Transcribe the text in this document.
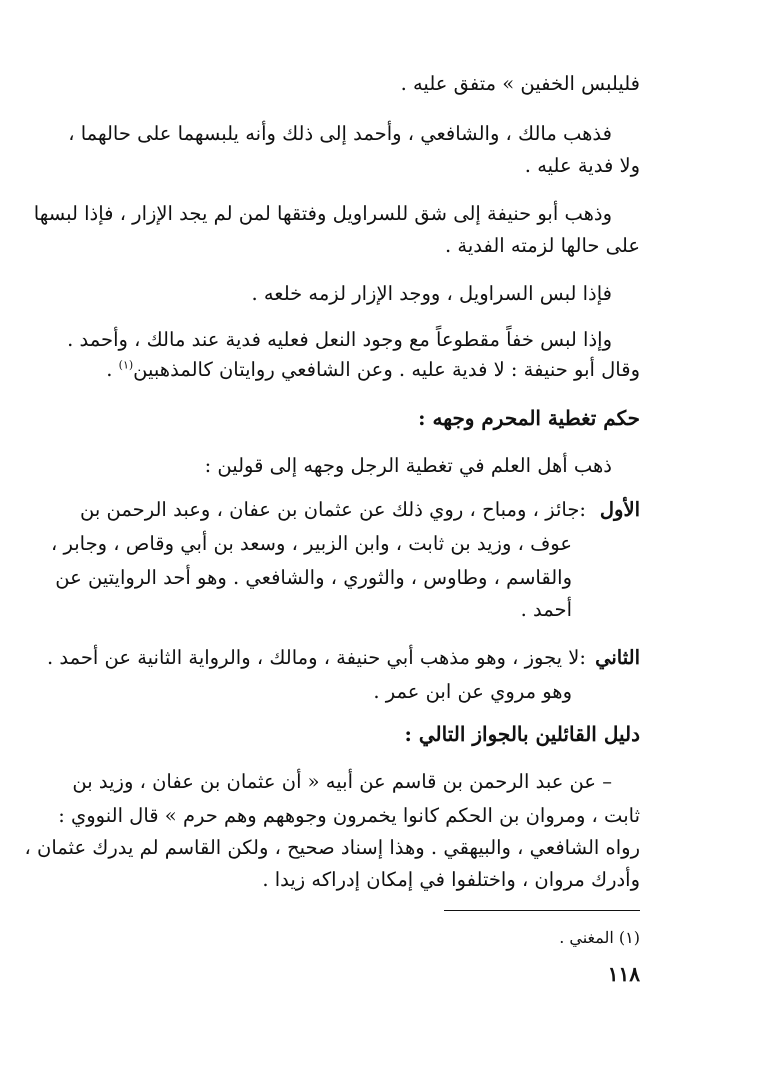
فليلبس الخفين » متفق عليه .
فذهب مالك ، والشافعي ، وأحمد إلى ذلك وأنه يلبسهما على حالهما ،
ولا فدية عليه .
وذهب أبو حنيفة إلى شق للسراويل وفتقها لمن لم يجد الإزار ، فإذا لبسها
على حالها لزمته الفدية .
فإذا لبس السراويل ، ووجد الإزار لزمه خلعه .
وإذا لبس خفاً مقطوعاً مع وجود النعل فعليه فدية عند مالك ، وأحمد .
وقال أبو حنيفة : لا فدية عليه . وعن الشافعي روايتان كالمذهبين$^{(١)}$ .
حكم تغطية المحرم وجهه :
ذهب أهل العلم في تغطية الرجل وجهه إلى قولين :
الأول
:جائز ، ومباح ، روي ذلك عن عثمان بن عفان ، وعبد الرحمن بن
عوف ، وزيد بن ثابت ، وابن الزبير ، وسعد بن أبي وقاص ، وجابر ،
والقاسم ، وطاوس ، والثوري ، والشافعي . وهو أحد الروايتين عن
أحمد .
الثاني
:لا يجوز ، وهو مذهب أبي حنيفة ، ومالك ، والرواية الثانية عن أحمد .
وهو مروي عن ابن عمر .
دليل القائلين بالجواز التالي :
– عن عبد الرحمن بن قاسم عن أبيه « أن عثمان بن عفان ، وزيد بن
ثابت ، ومروان بن الحكم كانوا يخمرون وجوههم وهم حرم » قال النووي :
رواه الشافعي ، والبيهقي . وهذا إسناد صحيح ، ولكن القاسم لم يدرك عثمان ،
وأدرك مروان ، واختلفوا في إمكان إدراكه زيدا .
(١) المغني .
١١٨
